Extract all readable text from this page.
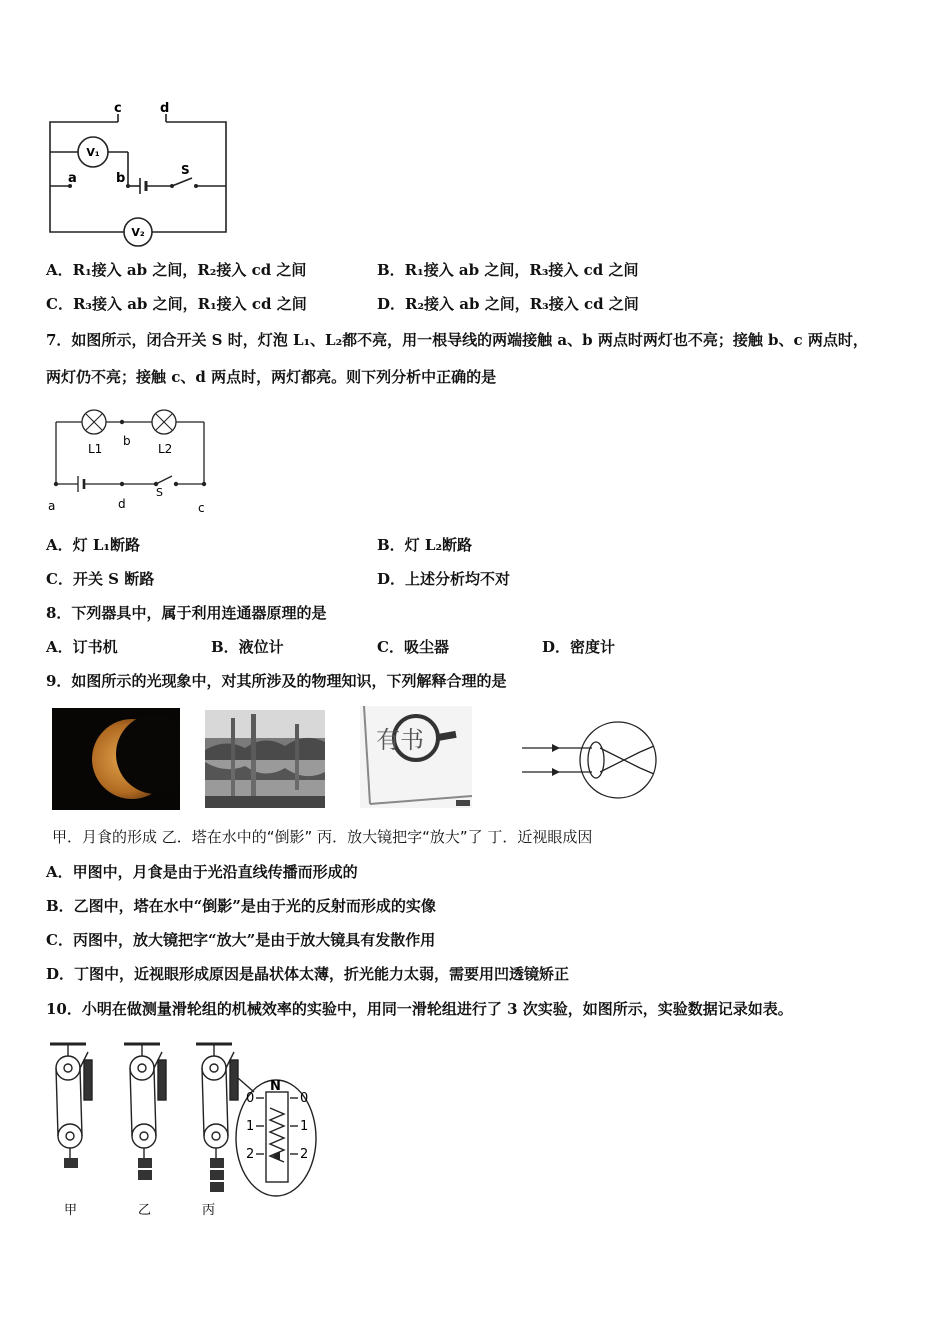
V₁
V₂
c	d
a	b
S
A．R₁接入 ab 之间，R₂接入 cd 之间	B．R₁接入 ab 之间，R₃接入 cd 之间
C．R₃接入 ab 之间，R₁接入 cd 之间	D．R₂接入 ab 之间，R₃接入 cd 之间
7．如图所示，闭合开关 S 时，灯泡 L₁、L₂都不亮，用一根导线的两端接触 a、b 两点时两灯也不亮；接触 b、c 两点时，
两灯仍不亮；接触 c、d 两点时，两灯都亮。则下列分析中正确的是
L1	L2
b
a	d	c
S
A．灯 L₁断路	B．灯 L₂断路
C．开关 S 断路	D．上述分析均不对
8．下列器具中，属于利用连通器原理的是
A．订书机	B．液位计	C．吸尘器	D．密度计
9．如图所示的光现象中，对其所涉及的物理知识，下列解释合理的是
有书
甲．月食的形成 乙．塔在水中的“倒影” 丙．放大镜把字“放大”了 丁．近视眼成因
A．甲图中，月食是由于光沿直线传播而形成的
B．乙图中，塔在水中“倒影”是由于光的反射而形成的实像
C．丙图中，放大镜把字“放大”是由于放大镜具有发散作用
D．丁图中，近视眼形成原因是晶状体太薄，折光能力太弱，需要用凹透镜矫正
10．小明在做测量滑轮组的机械效率的实验中，用同一滑轮组进行了 3 次实验，如图所示，实验数据记录如表。
N
0
1
2
0
1
2
甲	乙	丙
